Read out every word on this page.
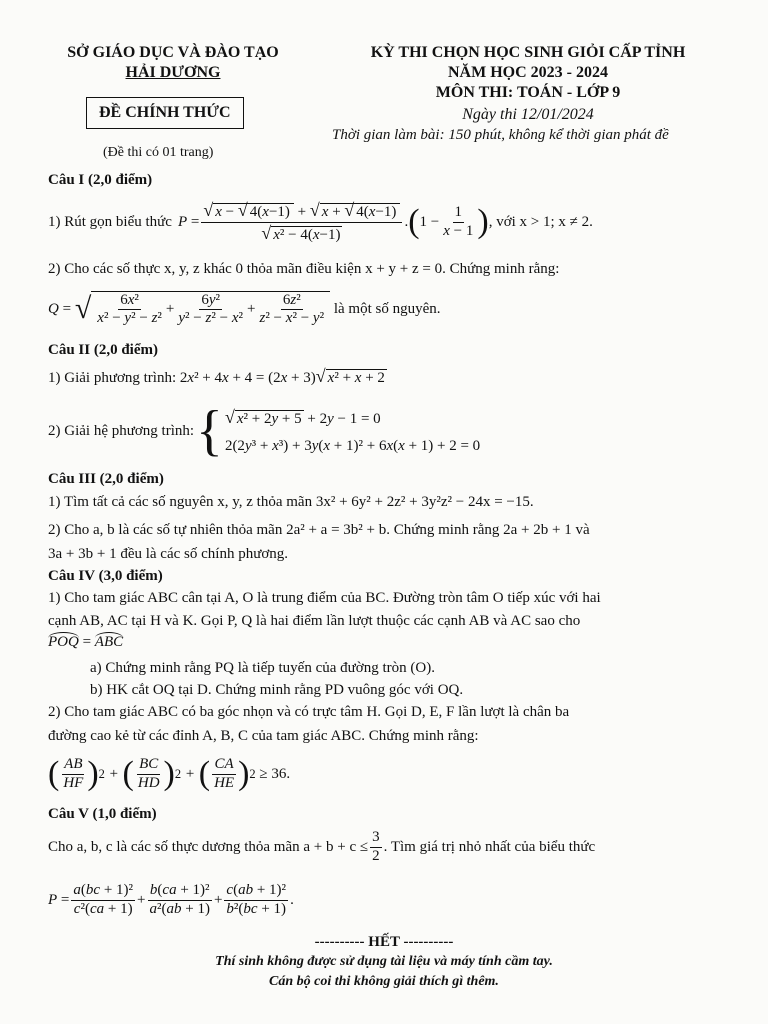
SỞ GIÁO DỤC VÀ ĐÀO TẠO
HẢI DƯƠNG
ĐỀ CHÍNH THỨC
(Đề thi có 01 trang)
KỲ THI CHỌN HỌC SINH GIỎI CẤP TỈNH
NĂM HỌC 2023 - 2024
MÔN THI: TOÁN - LỚP 9
Ngày thi 12/01/2024
Thời gian làm bài: 150 phút, không kể thời gian phát đề
Câu I (2,0 điểm)
1) Rút gọn biểu thức $P = \frac{√ x - √ 4(x-1) + √ x + √ 4(x-1)}{\text{√ x² − 4(x−1)}}$ . ( $1 - \frac{1}{x - 1}$ ) , với x > 1; x ≠ 2.
2) Cho các số thực x, y, z khác 0 thỏa mãn điều kiện x + y + z = 0. Chứng minh rằng:
Q = √ $\frac{\text{6x²}}{\text{x² − y² − z²}} + \frac{\text{6y²}}{\text{y² − z² − x²}} + \frac{\text{6z²}}{\text{z² − x² − y²}}$
là một số nguyên.
Câu II (2,0 điểm)
1) Giải phương trình: 2x² + 4x + 4 = (2x + 3)√ x² + x + 2
2) Giải hệ phương trình: { √ x² + 2y + 5 + 2y − 1 = 0
2(2y³ + x³) + 3y(x + 1)² + 6x(x + 1) + 2 = 0
Câu III (2,0 điểm)
1) Tìm tất cả các số nguyên x, y, z thỏa mãn 3x² + 6y² + 2z² + 3y²z² − 24x = −15.
2) Cho a, b là các số tự nhiên thỏa mãn 2a² + a = 3b² + b. Chứng minh rằng 2a + 2b + 1 và
3a + 3b + 1 đều là các số chính phương.
Câu IV (3,0 điểm)
1) Cho tam giác ABC cân tại A, O là trung điểm của BC. Đường tròn tâm O tiếp xúc với hai
cạnh AB, AC tại H và K. Gọi P, Q là hai điểm lần lượt thuộc các cạnh AB và AC sao cho
POQ = ABC
a) Chứng minh rằng PQ là tiếp tuyến của đường tròn (O).
b) HK cắt OQ tại D. Chứng minh rằng PD vuông góc với OQ.
2) Cho tam giác ABC có ba góc nhọn và có trực tâm H. Gọi D, E, F lần lượt là chân ba
đường cao kẻ từ các đỉnh A, B, C của tam giác ABC. Chứng minh rằng:
( $\frac{AB}{HF}$ ) 2 + ( $\frac{BC}{HD}$ ) 2 + ( $\frac{CA}{HE}$ ) 2
≥ 36.
Câu V (1,0 điểm)
Cho a, b, c là các số thực dương thỏa mãn $a + b + c \le \frac{3}{2}$ . Tìm giá trị nhỏ nhất của biểu thức
$P = \frac{\text{a(bc + 1)²}}{\text{c²(ca + 1)}} + \frac{\text{b(ca + 1)²}}{\text{a²(ab + 1)}} + \frac{\text{c(ab + 1)²}}{\text{b²(bc + 1)}}$ .
---------- HẾT ----------
Thí sinh không được sử dụng tài liệu và máy tính cầm tay.
Cán bộ coi thi không giải thích gì thêm.
